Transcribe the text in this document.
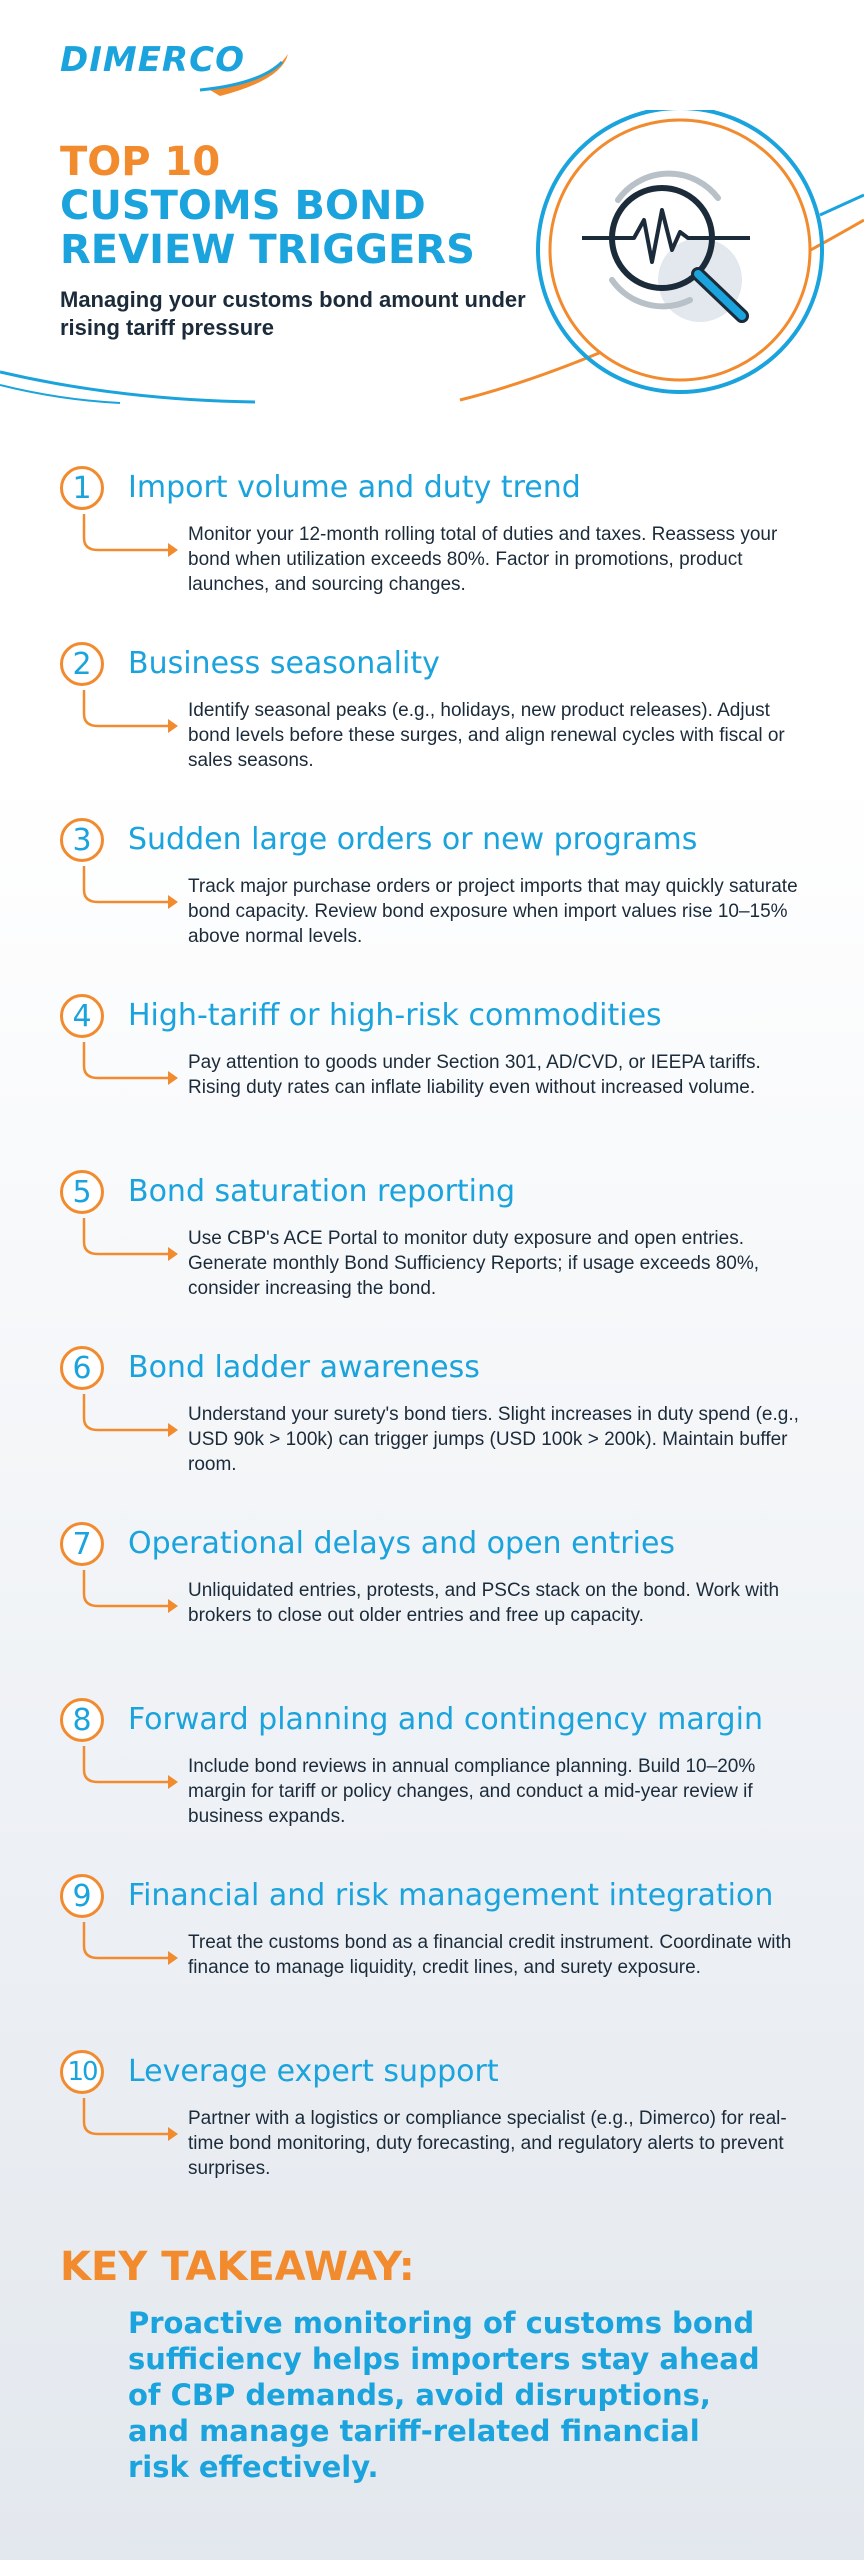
DIMERCO
TOP 10
CUSTOMS BOND
REVIEW TRIGGERS
Managing your customs bond amount under rising tariff pressure
1	Import volume and duty trend
Monitor your 12-month rolling total of duties and taxes. Reassess your bond when utilization exceeds 80%. Factor in promotions, product launches, and sourcing changes.
2	Business seasonality
Identify seasonal peaks (e.g., holidays, new product releases). Adjust bond levels before these surges, and align renewal cycles with fiscal or sales seasons.
3	Sudden large orders or new programs
Track major purchase orders or project imports that may quickly saturate bond capacity. Review bond exposure when import values rise 10–15% above normal levels.
4	High-tariff or high-risk commodities
Pay attention to goods under Section 301, AD/CVD, or IEEPA tariffs. Rising duty rates can inflate liability even without increased volume.
5	Bond saturation reporting
Use CBP's ACE Portal to monitor duty exposure and open entries. Generate monthly Bond Sufficiency Reports; if usage exceeds 80%, consider increasing the bond.
6	Bond ladder awareness
Understand your surety's bond tiers. Slight increases in duty spend (e.g., USD 90k > 100k) can trigger jumps (USD 100k > 200k). Maintain buffer room.
7	Operational delays and open entries
Unliquidated entries, protests, and PSCs stack on the bond. Work with brokers to close out older entries and free up capacity.
8	Forward planning and contingency margin
Include bond reviews in annual compliance planning. Build 10–20% margin for tariff or policy changes, and conduct a mid-year review if business expands.
9	Financial and risk management integration
Treat the customs bond as a financial credit instrument. Coordinate with finance to manage liquidity, credit lines, and surety exposure.
10 Leverage expert support
Partner with a logistics or compliance specialist (e.g., Dimerco) for real-time bond monitoring, duty forecasting, and regulatory alerts to prevent surprises.
KEY TAKEAWAY:
Proactive monitoring of customs bond sufficiency helps importers stay ahead of CBP demands, avoid disruptions, and manage tariff-related financial risk effectively.
